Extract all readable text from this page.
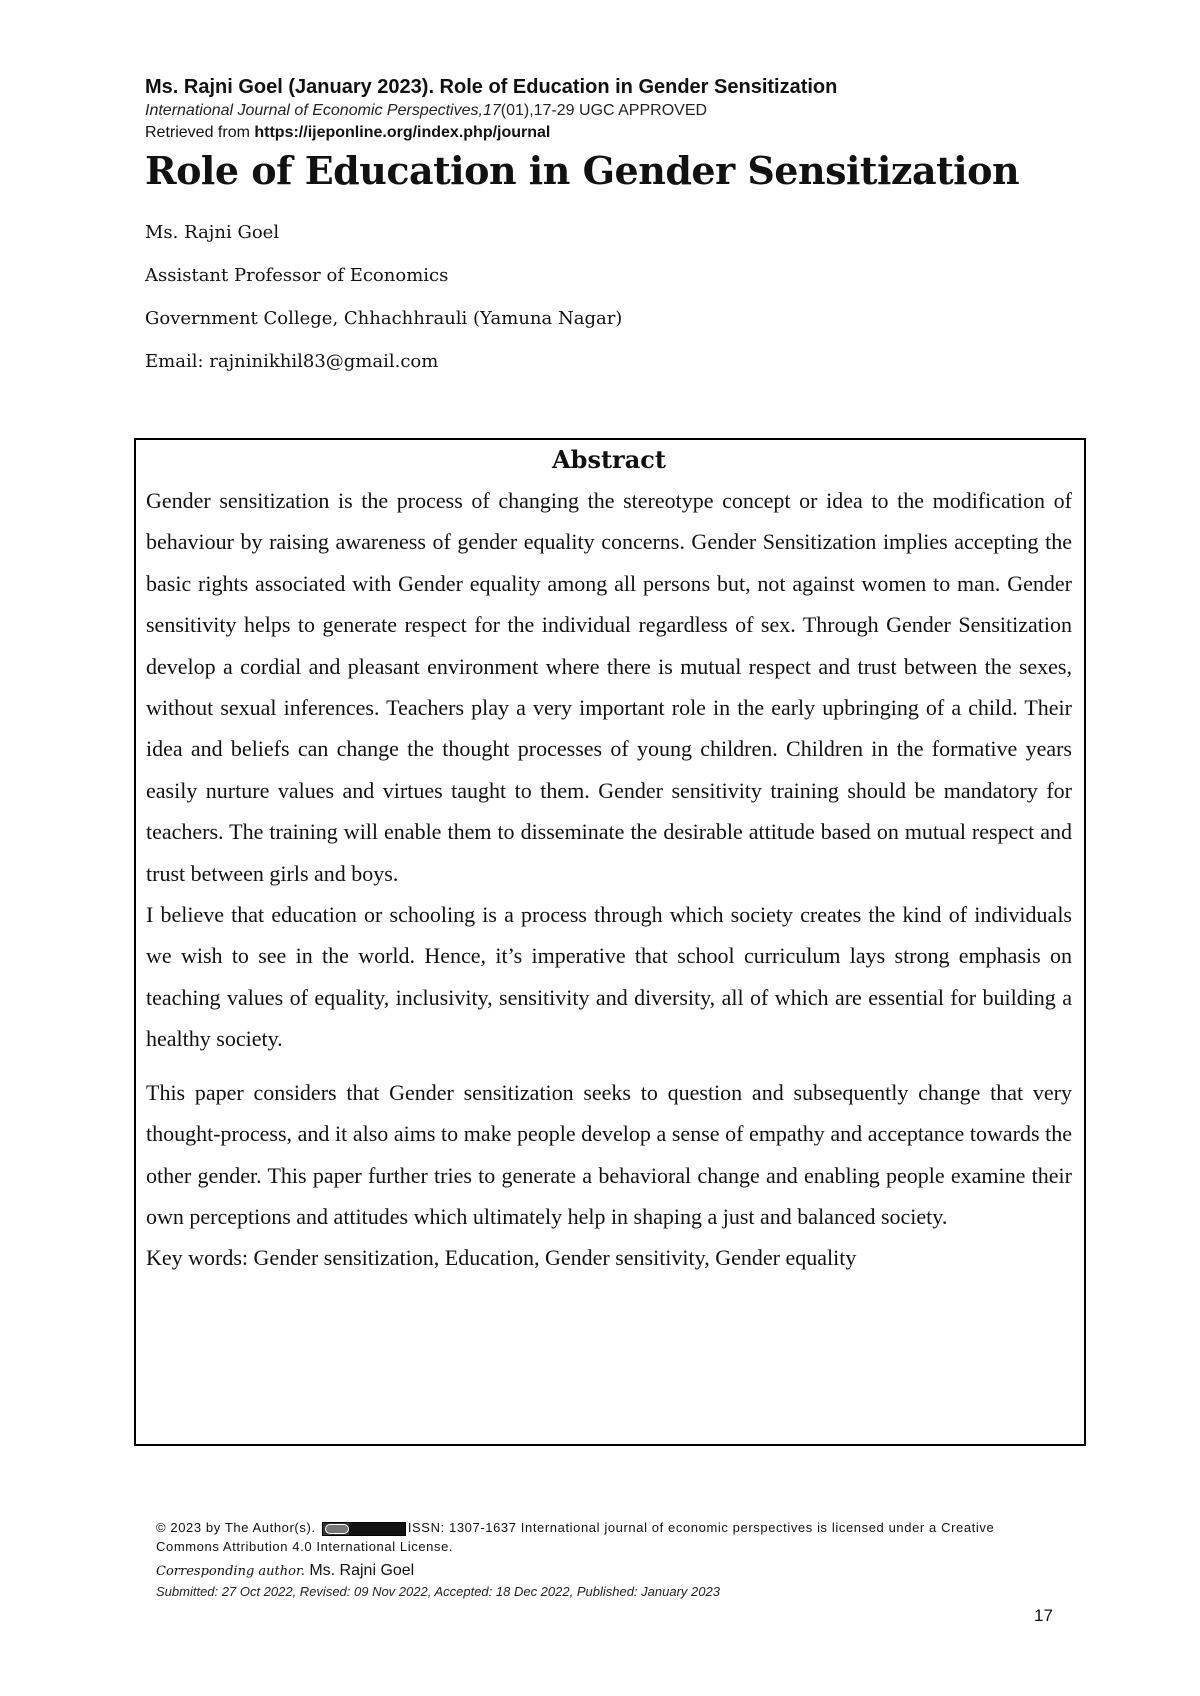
Ms. Rajni Goel (January 2023). Role of Education in Gender Sensitization
International Journal of Economic Perspectives,17(01),17-29 UGC APPROVED
Retrieved from https://ijeponline.org/index.php/journal
Role of Education in Gender Sensitization
Ms. Rajni Goel
Assistant Professor of Economics
Government College, Chhachhrauli (Yamuna Nagar)
Email: rajninikhil83@gmail.com
Abstract

Gender sensitization is the process of changing the stereotype concept or idea to the modification of behaviour by raising awareness of gender equality concerns. Gender Sensitization implies accepting the basic rights associated with Gender equality among all persons but, not against women to man. Gender sensitivity helps to generate respect for the individual regardless of sex. Through Gender Sensitization develop a cordial and pleasant environment where there is mutual respect and trust between the sexes, without sexual inferences. Teachers play a very important role in the early upbringing of a child. Their idea and beliefs can change the thought processes of young children. Children in the formative years easily nurture values and virtues taught to them. Gender sensitivity training should be mandatory for teachers. The training will enable them to disseminate the desirable attitude based on mutual respect and trust between girls and boys.

I believe that education or schooling is a process through which society creates the kind of individuals we wish to see in the world. Hence, it’s imperative that school curriculum lays strong emphasis on teaching values of equality, inclusivity, sensitivity and diversity, all of which are essential for building a healthy society.

This paper considers that Gender sensitization seeks to question and subsequently change that very thought-process, and it also aims to make people develop a sense of empathy and acceptance towards the other gender. This paper further tries to generate a behavioral change and enabling people examine their own perceptions and attitudes which ultimately help in shaping a just and balanced society.

Key words: Gender sensitization, Education, Gender sensitivity, Gender equality

© 2023 by The Author(s).	ISSN: 1307-1637 International journal of economic perspectives is licensed under a Creative Commons Attribution 4.0 International License.
Corresponding author. Ms. Rajni Goel
Submitted: 27 Oct 2022, Revised: 09 Nov 2022, Accepted: 18 Dec 2022, Published: January 2023
17
